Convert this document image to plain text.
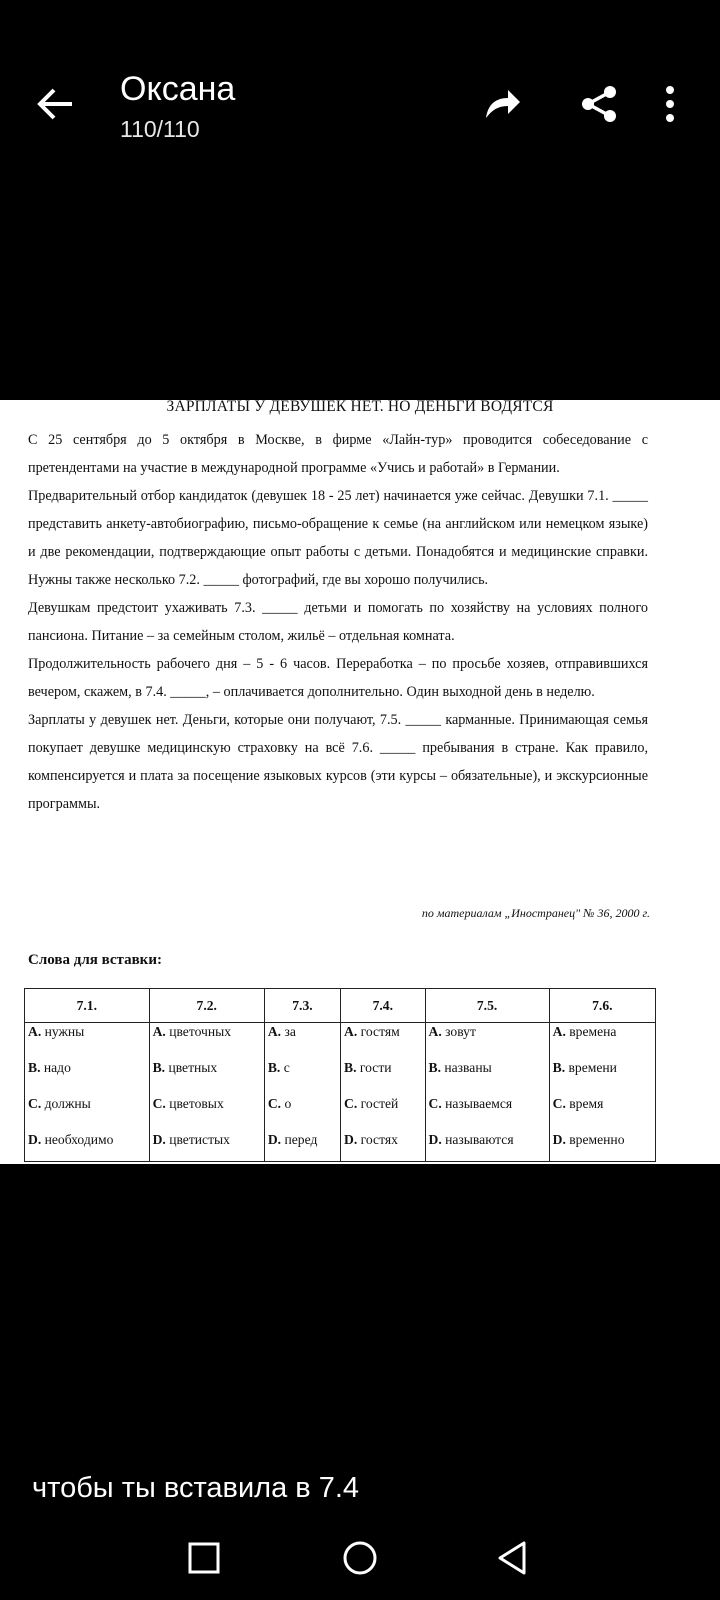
Оксана
110/110
ЗАРПЛАТЫ У ДЕВУШЕК НЕТ. НО ДЕНЬГИ ВОДЯТСЯ

С 25 сентября до 5 октября в Москве, в фирме «Лайн-тур» проводится собеседование с претендентами на участие в международной программе «Учись и работай» в Германии.

Предварительный отбор кандидаток (девушек 18 - 25 лет) начинается уже сейчас. Девушки 7.1. _____ представить анкету-автобиографию, письмо-обращение к семье (на английском или немецком языке) и две рекомендации, подтверждающие опыт работы с детьми. Понадобятся и медицинские справки. Нужны также несколько 7.2. _____ фотографий, где вы хорошо получились.

Девушкам предстоит ухаживать 7.3. _____ детьми и помогать по хозяйству на условиях полного пансиона. Питание – за семейным столом, жильё – отдельная комната.

Продолжительность рабочего дня – 5 - 6 часов. Переработка – по просьбе хозяев, отправившихся вечером, скажем, в 7.4. _____, – оплачивается дополнительно. Один выходной день в неделю.

Зарплаты у девушек нет. Деньги, которые они получают, 7.5. _____ карманные. Принимающая семья покупает девушке медицинскую страховку на всё 7.6. _____ пребывания в стране. Как правило, компенсируется и плата за посещение языковых курсов (эти курсы – обязательные), и экскурсионные программы.

по материалам „Иностранец" № 36, 2000 г.
Слова для вставки:
7.1.	7.2.	7.3.	7.4.	7.5.	7.6.
A. нужны	A. цветочных	A. за	A. гостям	A. зовут	A. времена
B. надо	B. цветных	B. с	B. гости	B. названы	B. времени
C. должны	C. цветовых	C. о	C. гостей	C. называемся	C. время
D. необходимо	D. цветистых	D. перед	D. гостях	D. называются	D. временно
чтобы ты вставила в 7.4
